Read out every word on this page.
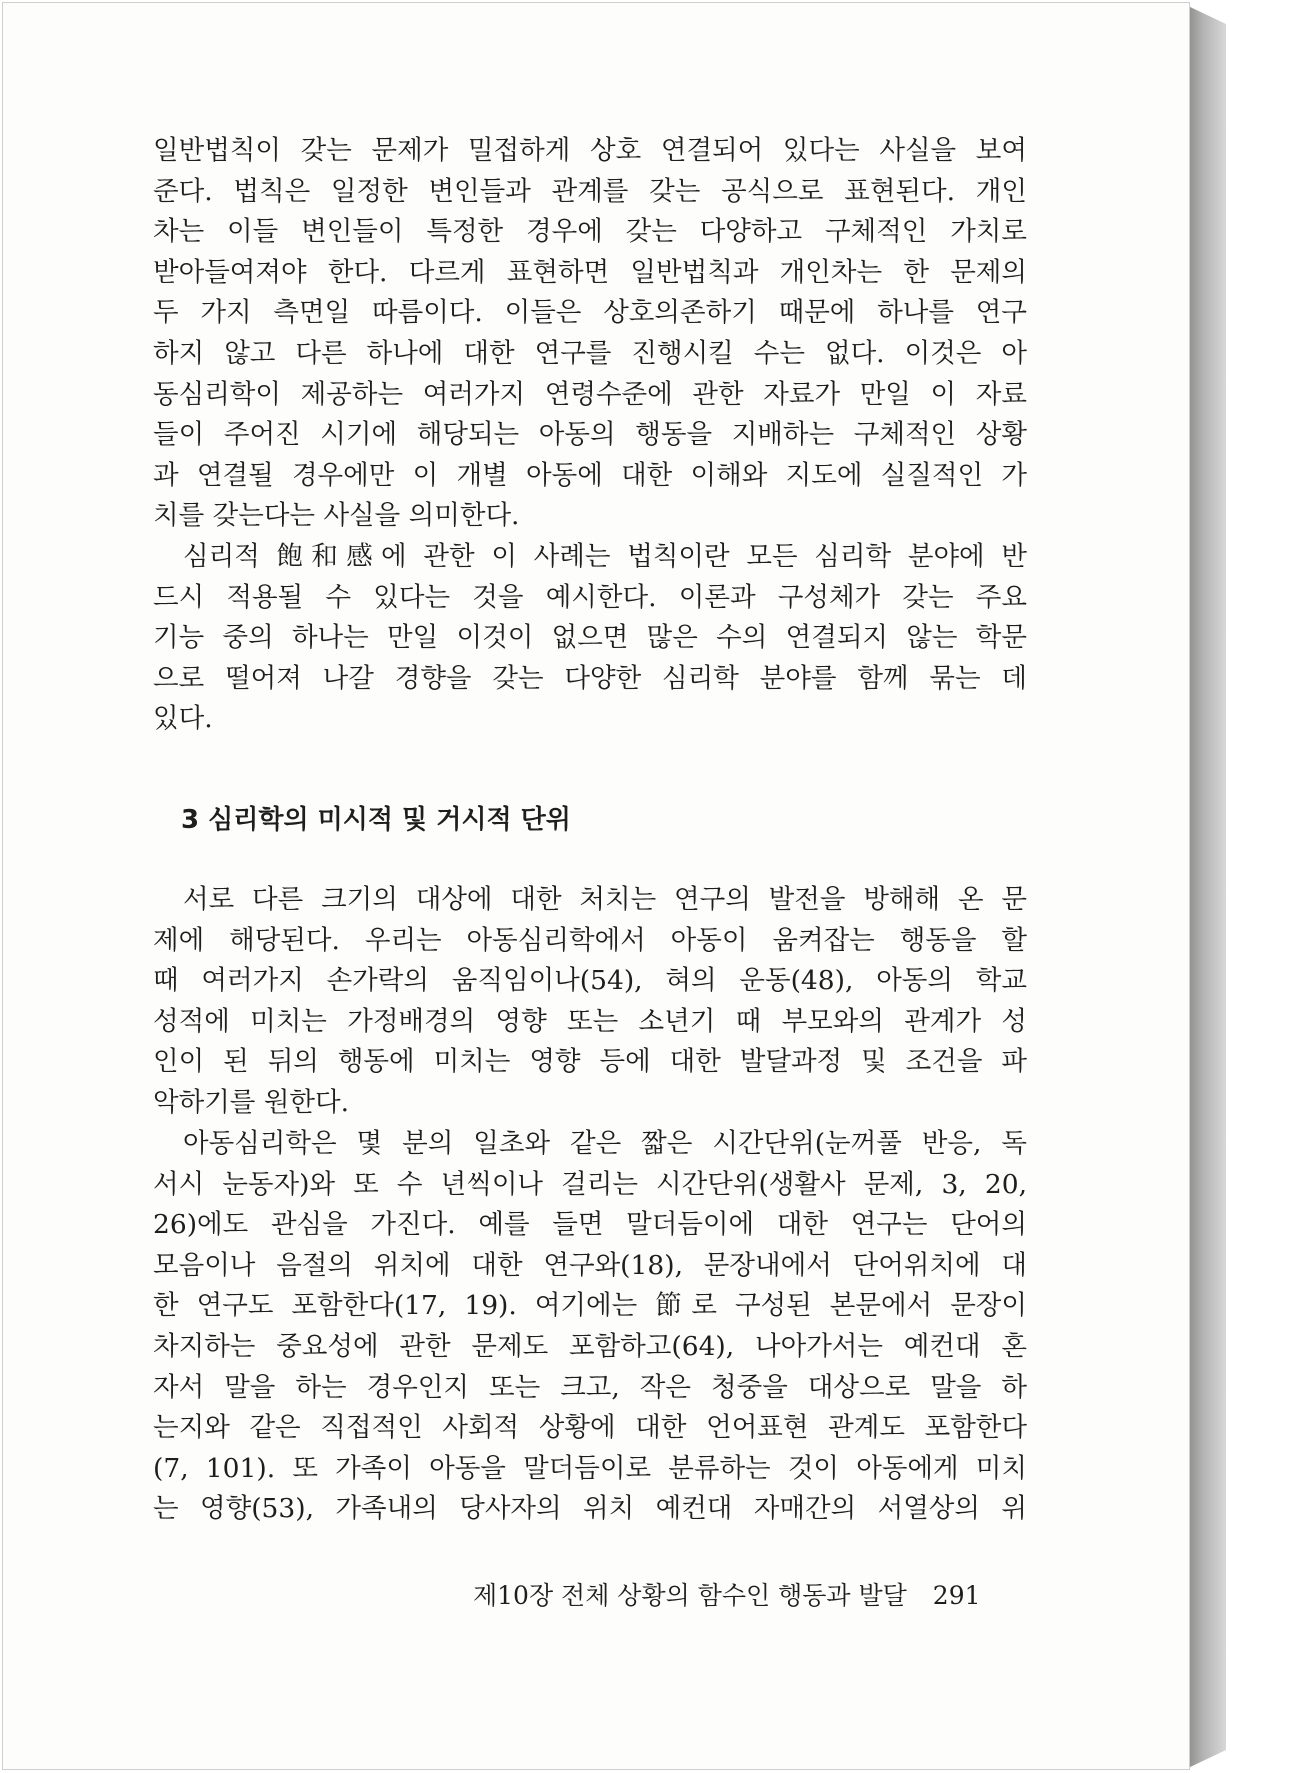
일반법칙이 갖는 문제가 밀접하게 상호 연결되어 있다는 사실을 보여
준다. 법칙은 일정한 변인들과 관계를 갖는 공식으로 표현된다. 개인
차는 이들 변인들이 특정한 경우에 갖는 다양하고 구체적인 가치로
받아들여져야 한다. 다르게 표현하면 일반법칙과 개인차는 한 문제의
두 가지 측면일 따름이다. 이들은 상호의존하기 때문에 하나를 연구
하지 않고 다른 하나에 대한 연구를 진행시킬 수는 없다. 이것은 아
동심리학이 제공하는 여러가지 연령수준에 관한 자료가 만일 이 자료
들이 주어진 시기에 해당되는 아동의 행동을 지배하는 구체적인 상황
과 연결될 경우에만 이 개별 아동에 대한 이해와 지도에 실질적인 가
치를 갖는다는 사실을 의미한다.
심리적 飽和感에 관한 이 사례는 법칙이란 모든 심리학 분야에 반
드시 적용될 수 있다는 것을 예시한다. 이론과 구성체가 갖는 주요
기능 중의 하나는 만일 이것이 없으면 많은 수의 연결되지 않는 학문
으로 떨어져 나갈 경향을 갖는 다양한 심리학 분야를 함께 묶는 데
있다.
3 심리학의 미시적 및 거시적 단위
서로 다른 크기의 대상에 대한 처치는 연구의 발전을 방해해 온 문
제에 해당된다. 우리는 아동심리학에서 아동이 움켜잡는 행동을 할
때 여러가지 손가락의 움직임이나(54), 혀의 운동(48), 아동의 학교
성적에 미치는 가정배경의 영향 또는 소년기 때 부모와의 관계가 성
인이 된 뒤의 행동에 미치는 영향 등에 대한 발달과정 및 조건을 파
악하기를 원한다.
아동심리학은 몇 분의 일초와 같은 짧은 시간단위(눈꺼풀 반응, 독
서시 눈동자)와 또 수 년씩이나 걸리는 시간단위(생활사 문제, 3, 20,
26)에도 관심을 가진다. 예를 들면 말더듬이에 대한 연구는 단어의
모음이나 음절의 위치에 대한 연구와(18), 문장내에서 단어위치에 대
한 연구도 포함한다(17, 19). 여기에는 節로 구성된 본문에서 문장이
차지하는 중요성에 관한 문제도 포함하고(64), 나아가서는 예컨대 혼
자서 말을 하는 경우인지 또는 크고, 작은 청중을 대상으로 말을 하
는지와 같은 직접적인 사회적 상황에 대한 언어표현 관계도 포함한다
(7, 101). 또 가족이 아동을 말더듬이로 분류하는 것이 아동에게 미치
는 영향(53), 가족내의 당사자의 위치 예컨대 자매간의 서열상의 위
제10장 전체 상황의 함수인 행동과 발달 291
